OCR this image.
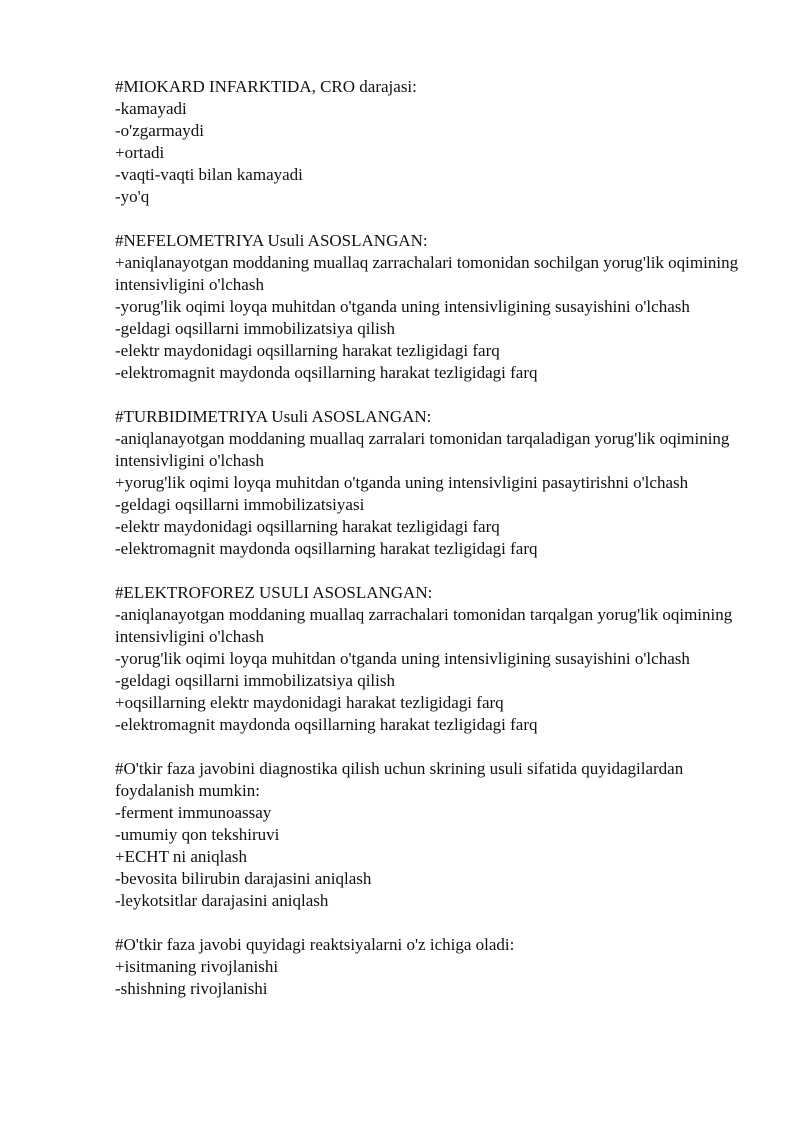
#MIOKARD INFARKTIDA, CRO darajasi:
-kamayadi
-o'zgarmaydi
+ortadi
-vaqti-vaqti bilan kamayadi
-yo'q
#NEFELOMETRIYA Usuli ASOSLANGAN:
+aniqlanayotgan moddaning muallaq zarrachalari tomonidan sochilgan yorug'lik oqimining intensivligini o'lchash
-yorug'lik oqimi loyqa muhitdan o'tganda uning intensivligining susayishini o'lchash
-geldagi oqsillarni immobilizatsiya qilish
-elektr maydonidagi oqsillarning harakat tezligidagi farq
-elektromagnit maydonda oqsillarning harakat tezligidagi farq
#TURBIDIMETRIYA Usuli ASOSLANGAN:
-aniqlanayotgan moddaning muallaq zarralari tomonidan tarqaladigan yorug'lik oqimining intensivligini o'lchash
+yorug'lik oqimi loyqa muhitdan o'tganda uning intensivligini pasaytirishni o'lchash
-geldagi oqsillarni immobilizatsiyasi
-elektr maydonidagi oqsillarning harakat tezligidagi farq
-elektromagnit maydonda oqsillarning harakat tezligidagi farq
#ELEKTROFOREZ USULI ASOSLANGAN:
-aniqlanayotgan moddaning muallaq zarrachalari tomonidan tarqalgan yorug'lik oqimining intensivligini o'lchash
-yorug'lik oqimi loyqa muhitdan o'tganda uning intensivligining susayishini o'lchash
-geldagi oqsillarni immobilizatsiya qilish
+oqsillarning elektr maydonidagi harakat tezligidagi farq
-elektromagnit maydonda oqsillarning harakat tezligidagi farq
#O'tkir faza javobini diagnostika qilish uchun skrining usuli sifatida quyidagilardan foydalanish mumkin:
-ferment immunoassay
-umumiy qon tekshiruvi
+ECHT ni aniqlash
-bevosita bilirubin darajasini aniqlash
-leykotsitlar darajasini aniqlash
#O'tkir faza javobi quyidagi reaktsiyalarni o'z ichiga oladi:
+isitmaning rivojlanishi
-shishning rivojlanishi
